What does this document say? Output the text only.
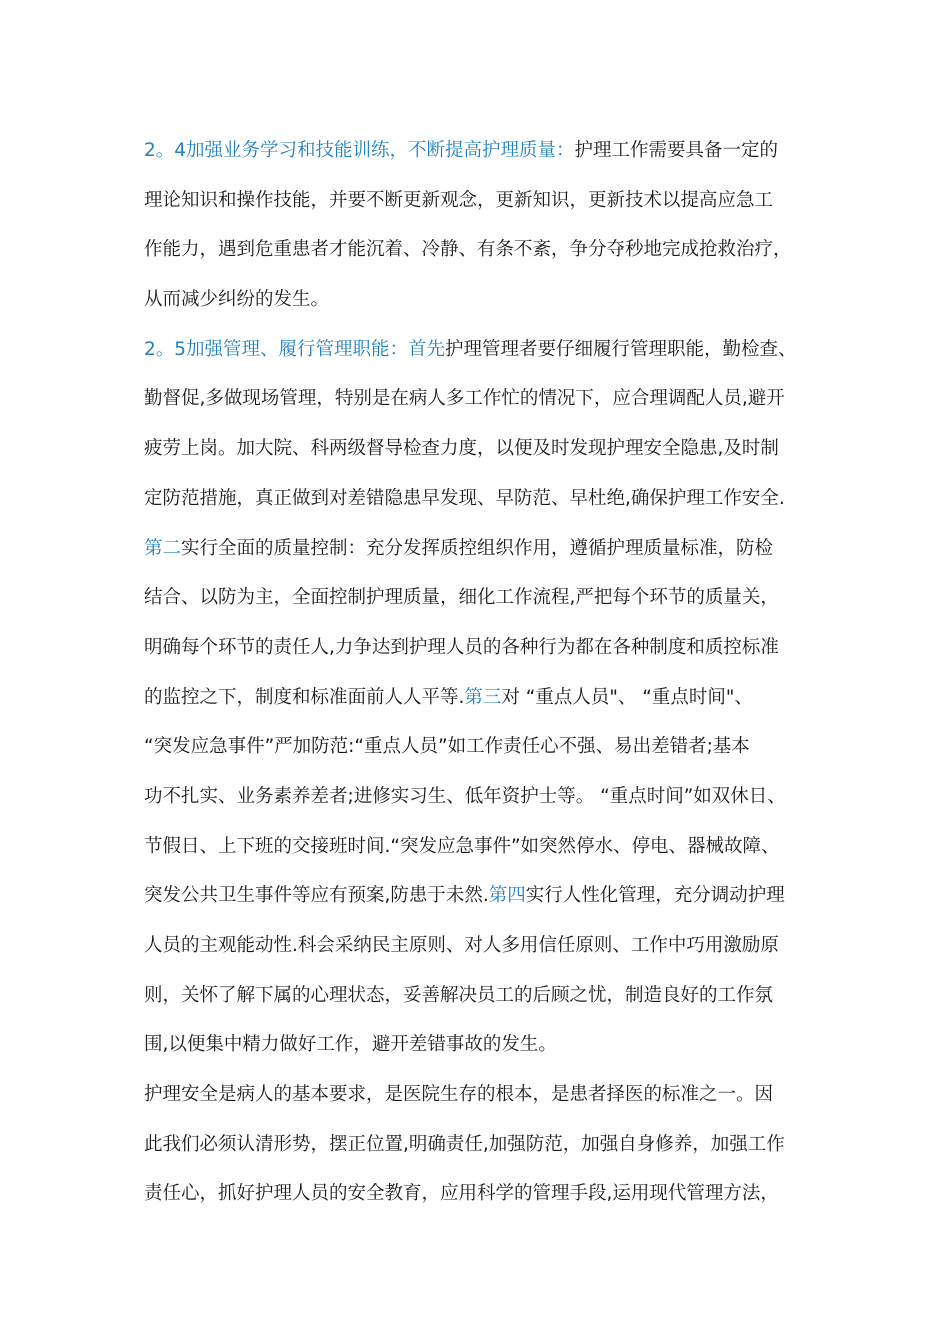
2。4加强业务学习和技能训练，不断提高护理质量：护理工作需要具备一定的
理论知识和操作技能，并要不断更新观念，更新知识，更新技术以提高应急工
作能力，遇到危重患者才能沉着、冷静、有条不紊，争分夺秒地完成抢救治疗，
从而减少纠纷的发生。
2。5加强管理、履行管理职能：首先护理管理者要仔细履行管理职能，勤检查、
勤督促,多做现场管理，特别是在病人多工作忙的情况下，应合理调配人员,避开
疲劳上岗。加大院、科两级督导检查力度，以便及时发现护理安全隐患,及时制
定防范措施，真正做到对差错隐患早发现、早防范、早杜绝,确保护理工作安全.
第二实行全面的质量控制：充分发挥质控组织作用，遵循护理质量标准，防检
结合、以防为主，全面控制护理质量，细化工作流程,严把每个环节的质量关，
明确每个环节的责任人,力争达到护理人员的各种行为都在各种制度和质控标准
的监控之下，制度和标准面前人人平等.第三对 “重点人员"、 “重点时间"、
“突发应急事件”严加防范:“重点人员”如工作责任心不强、易出差错者;基本
功不扎实、业务素养差者;进修实习生、低年资护士等。 “重点时间”如双休日、
节假日、上下班的交接班时间.“突发应急事件”如突然停水、停电、器械故障、
突发公共卫生事件等应有预案,防患于未然.第四实行人性化管理，充分调动护理
人员的主观能动性.科会采纳民主原则、对人多用信任原则、工作中巧用激励原
则，关怀了解下属的心理状态，妥善解决员工的后顾之忧，制造良好的工作氛
围,以便集中精力做好工作，避开差错事故的发生。
护理安全是病人的基本要求，是医院生存的根本，是患者择医的标准之一。因
此我们必须认清形势，摆正位置,明确责任,加强防范，加强自身修养，加强工作
责任心，抓好护理人员的安全教育，应用科学的管理手段,运用现代管理方法，
